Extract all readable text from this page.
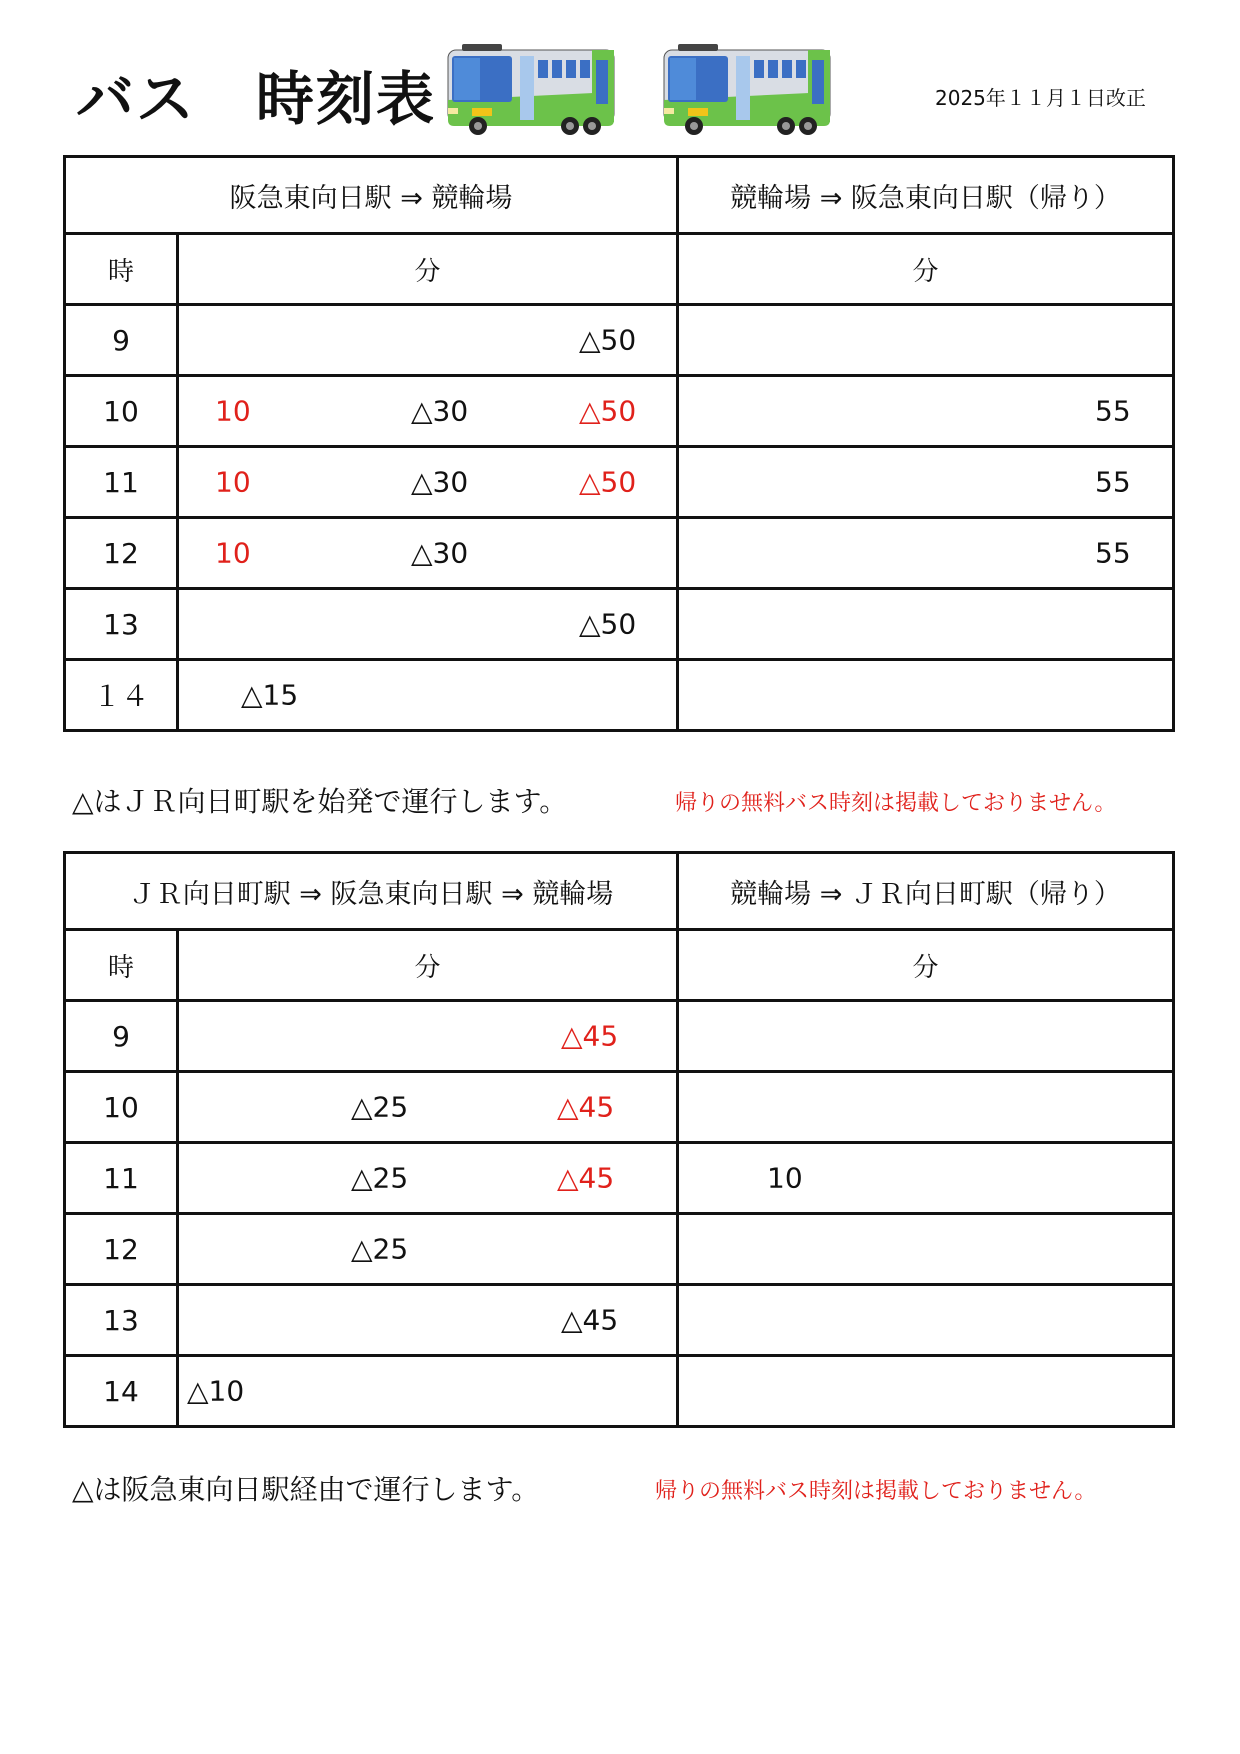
バス　時刻表	2025年１１月１日改正
阪急東向日駅 ⇒ 競輪場		競輪場 ⇒ 阪急東向日駅（帰り）
時	分	分
9	△50	

10	10 △30 △50	55

11	10 △30 △50	55

12	10 △30	55

13	△50	

１４	△15	

△はＪＲ向日町駅を始発で運行します。	帰りの無料バス時刻は掲載しておりません。
ＪＲ向日町駅 ⇒ 阪急東向日駅 ⇒ 競輪場		競輪場 ⇒ ＪＲ向日町駅（帰り）
時	分	分
9	△45	

10	△25 △45	

11	△25 △45	10

12	△25	

13	△45	

14	△10	

△は阪急東向日駅経由で運行します。	帰りの無料バス時刻は掲載しておりません。
